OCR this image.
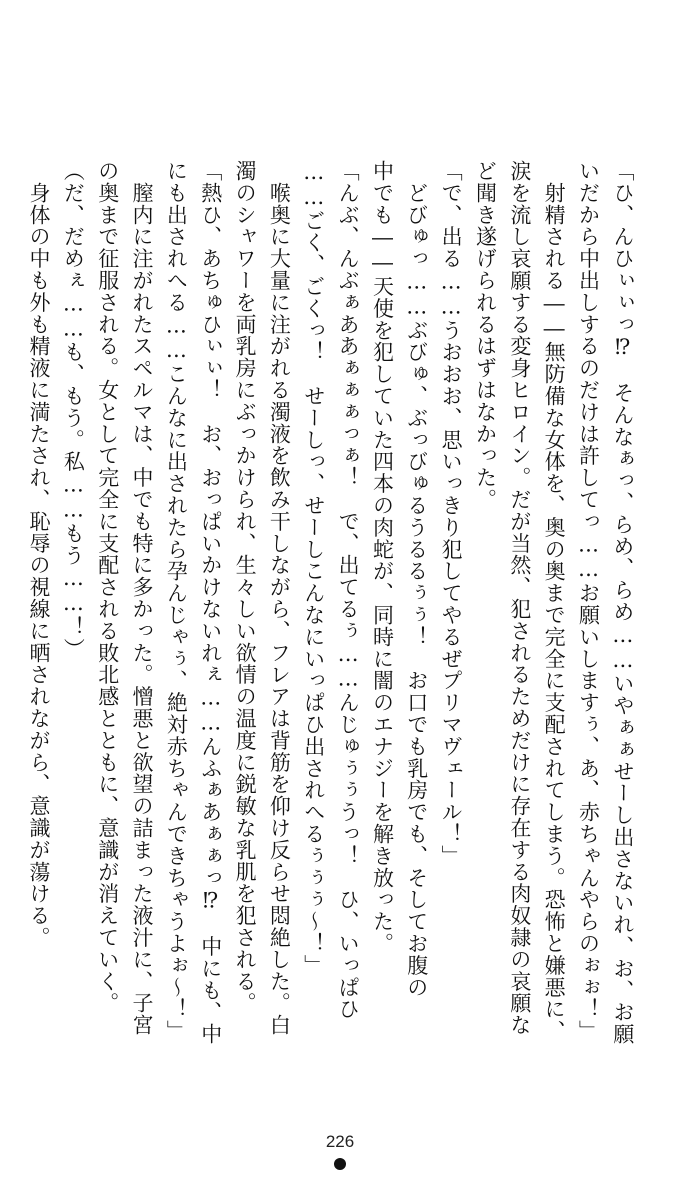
「ひ、んひぃぃっ⁉　そんなぁっ、らめ、らめ……いやぁぁせーし出さないれ、お、お願
いだから中出しするのだけは許してっ……お願いしますぅ、あ、赤ちゃんやらのぉぉ！」
　射精される――無防備な女体を、奥の奥まで完全に支配されてしまう。恐怖と嫌悪に、
涙を流し哀願する変身ヒロイン。だが当然、犯されるためだけに存在する肉奴隷の哀願な
ど聞き遂げられるはずはなかった。
「で、出る……うおおお、思いっきり犯してやるぜプリマヴェール！」
　どびゅっ……ぶびゅ、ぶっびゅるうるるぅぅ！　お口でも乳房でも、そしてお腹の
中でも――天使を犯していた四本の肉蛇が、同時に闇のエナジーを解き放った。
「んぶ、んぶぁああぁぁぁっぁ！　で、出てるぅ……んじゅぅぅうっ！　ひ、いっぱひ
……ごく、ごくっ！　せーしっ、せーしこんなにいっぱひ出されへるぅぅぅ〜！」
　喉奥に大量に注がれる濁液を飲み干しながら、フレアは背筋を仰け反らせ悶絶した。白
濁のシャワーを両乳房にぶっかけられ、生々しい欲情の温度に鋭敏な乳肌を犯される。
「熱ひ、あちゅひぃぃ！　お、おっぱいかけないれぇ……んふぁあぁぁっ⁉　中にも、中
にも出されへる……こんなに出されたら孕んじゃぅ、絶対赤ちゃんできちゃうよぉ〜！」
　膣内に注がれたスペルマは、中でも特に多かった。憎悪と欲望の詰まった液汁に、子宮
の奥まで征服される。女として完全に支配される敗北感とともに、意識が消えていく。
（だ、だめぇ……も、もう。私……もう……！）
　身体の中も外も精液に満たされ、恥辱の視線に晒されながら、意識が蕩ける。
226
